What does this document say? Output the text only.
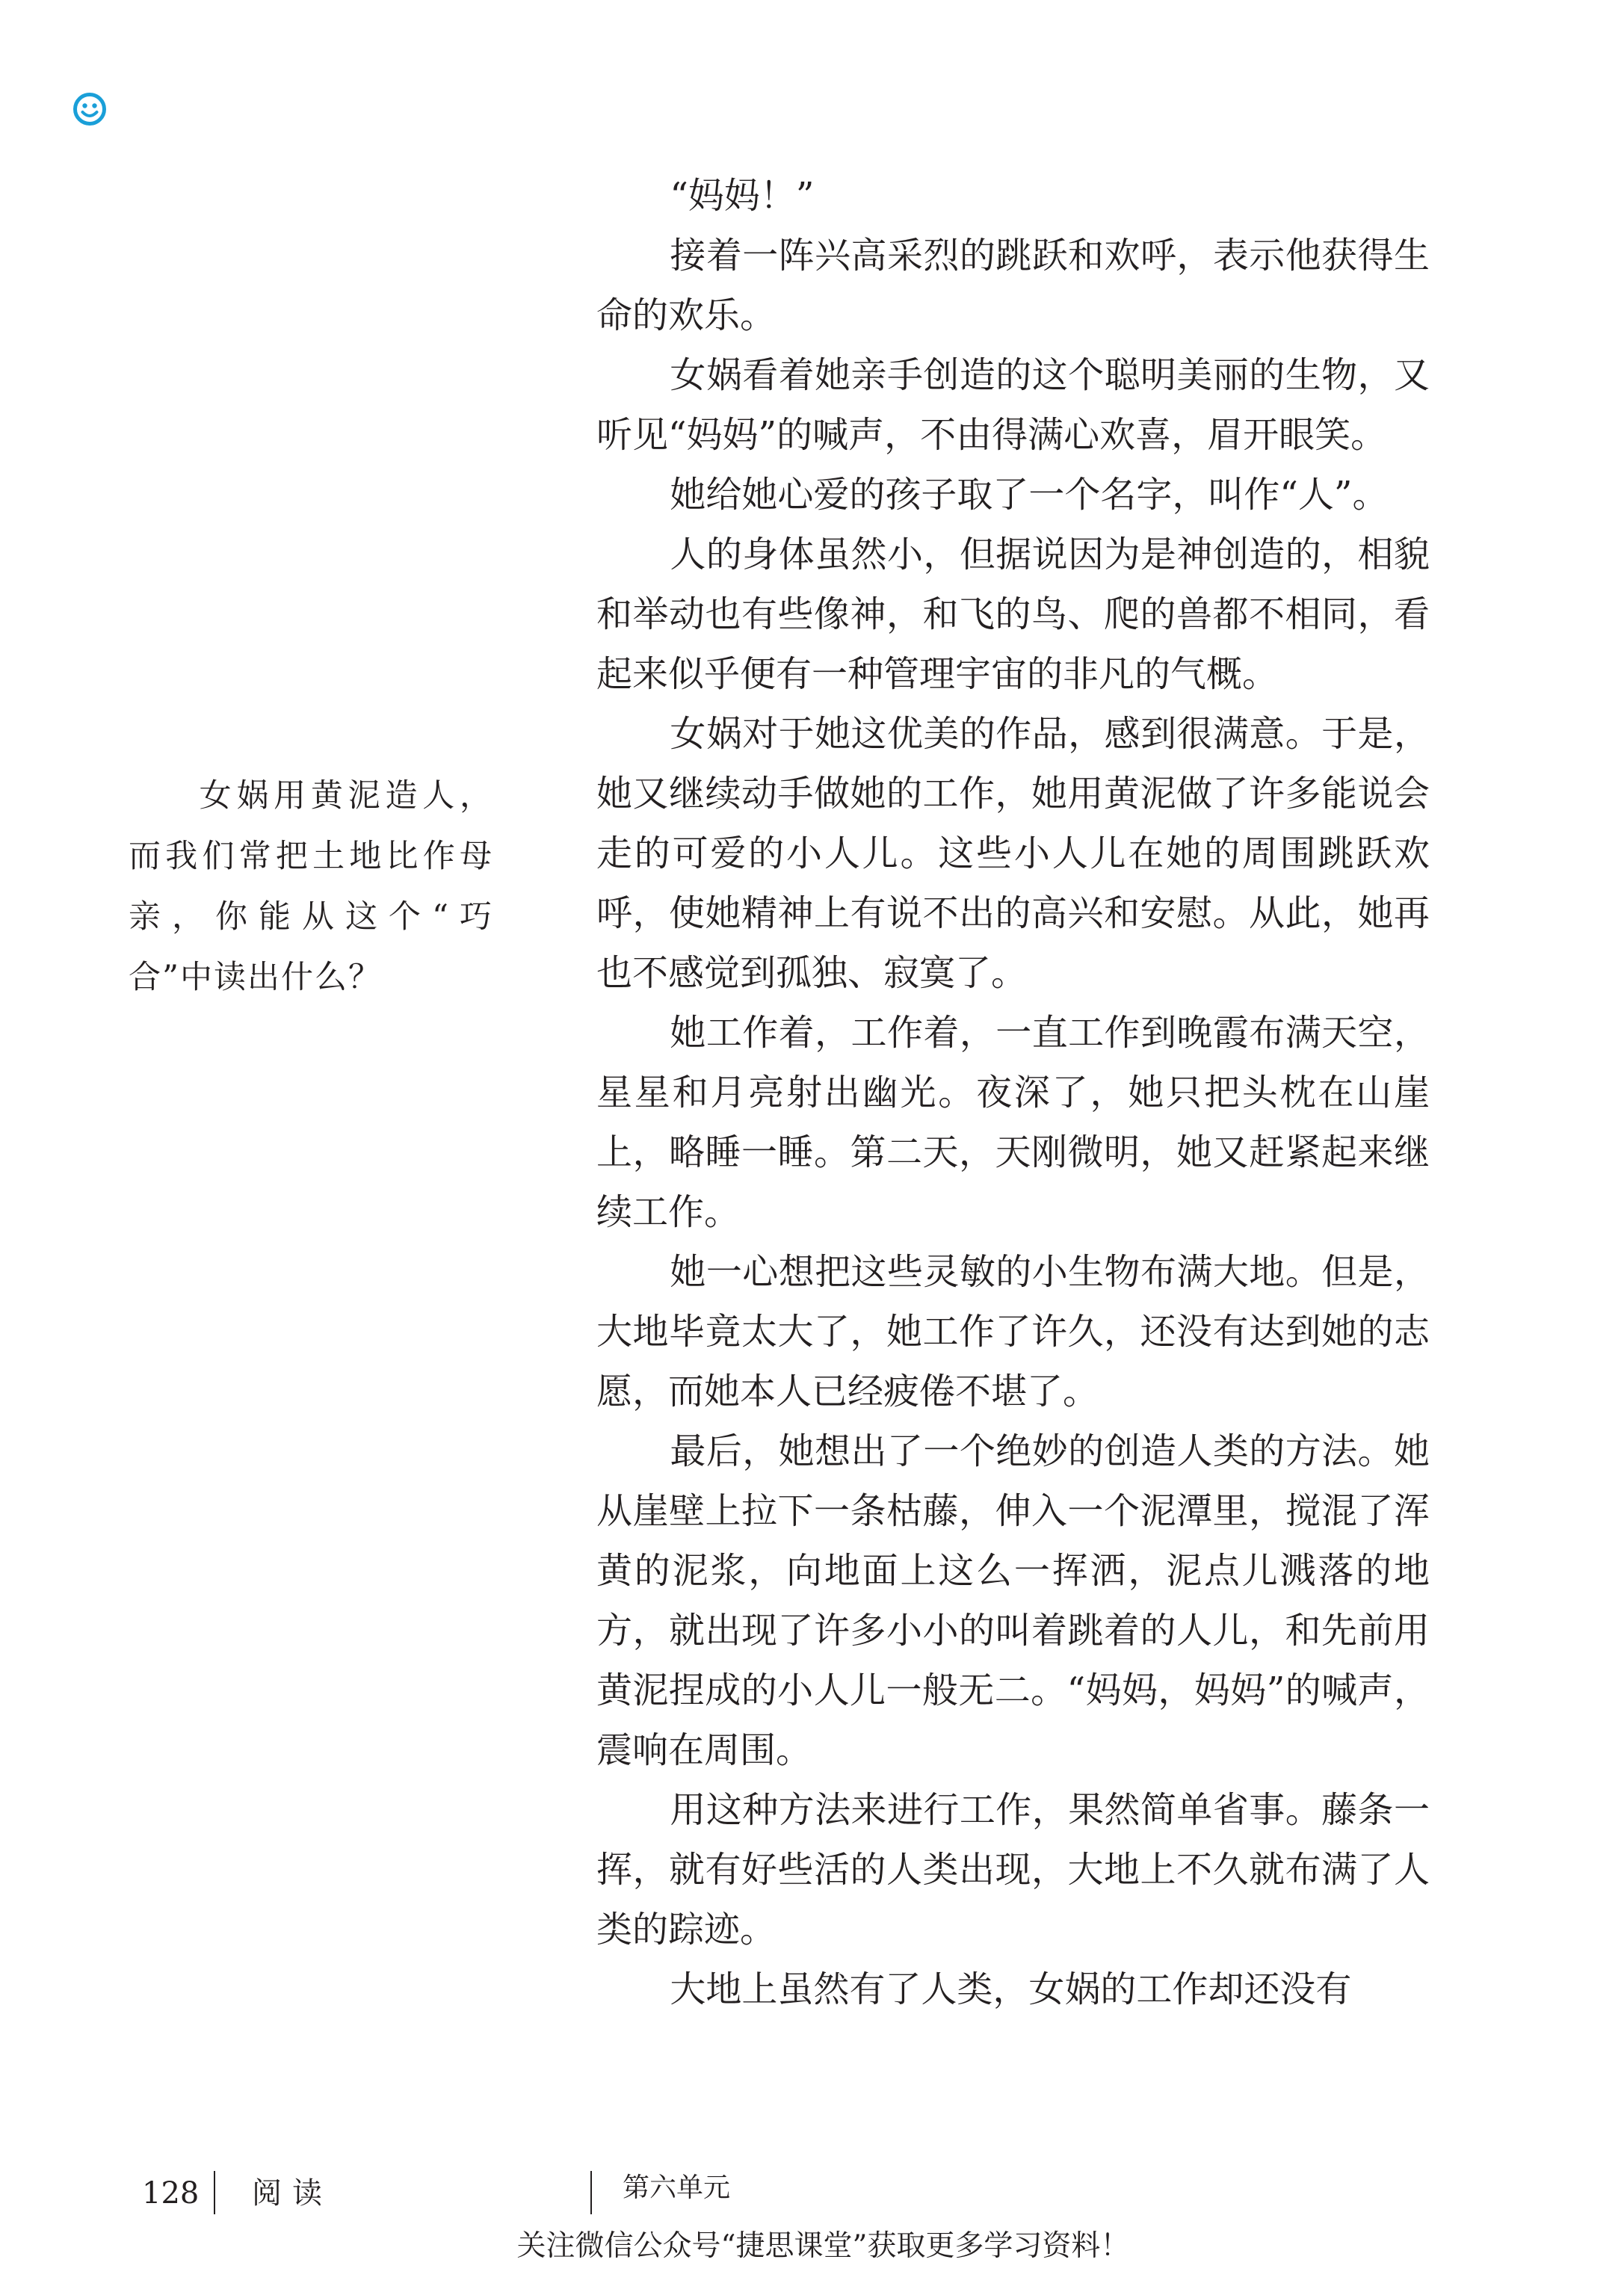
女娲用黄泥造人，而我们常把土地比作母亲，你能从这个“巧合”中读出什么？

“妈妈！”

接着一阵兴高采烈的跳跃和欢呼，表示他获得生命的欢乐。

女娲看着她亲手创造的这个聪明美丽的生物，又听见“妈妈”的喊声，不由得满心欢喜，眉开眼笑。

她给她心爱的孩子取了一个名字，叫作“人”。

人的身体虽然小，但据说因为是神创造的，相貌和举动也有些像神，和飞的鸟、爬的兽都不相同，看起来似乎便有一种管理宇宙的非凡的气概。

女娲对于她这优美的作品，感到很满意。于是，她又继续动手做她的工作，她用黄泥做了许多能说会走的可爱的小人儿。这些小人儿在她的周围跳跃欢呼，使她精神上有说不出的高兴和安慰。从此，她再也不感觉到孤独、寂寞了。

她工作着，工作着，一直工作到晚霞布满天空，星星和月亮射出幽光。夜深了，她只把头枕在山崖上，略睡一睡。第二天，天刚微明，她又赶紧起来继续工作。

她一心想把这些灵敏的小生物布满大地。但是，大地毕竟太大了，她工作了许久，还没有达到她的志愿，而她本人已经疲倦不堪了。

最后，她想出了一个绝妙的创造人类的方法。她从崖壁上拉下一条枯藤，伸入一个泥潭里，搅混了浑黄的泥浆，向地面上这么一挥洒，泥点儿溅落的地方，就出现了许多小小的叫着跳着的人儿，和先前用黄泥捏成的小人儿一般无二。“妈妈，妈妈”的喊声，震响在周围。

用这种方法来进行工作，果然简单省事。藤条一挥，就有好些活的人类出现，大地上不久就布满了人类的踪迹。

大地上虽然有了人类，女娲的工作却还没有

128 阅读	第六单元
关注微信公众号“捷思课堂”获取更多学习资料！
